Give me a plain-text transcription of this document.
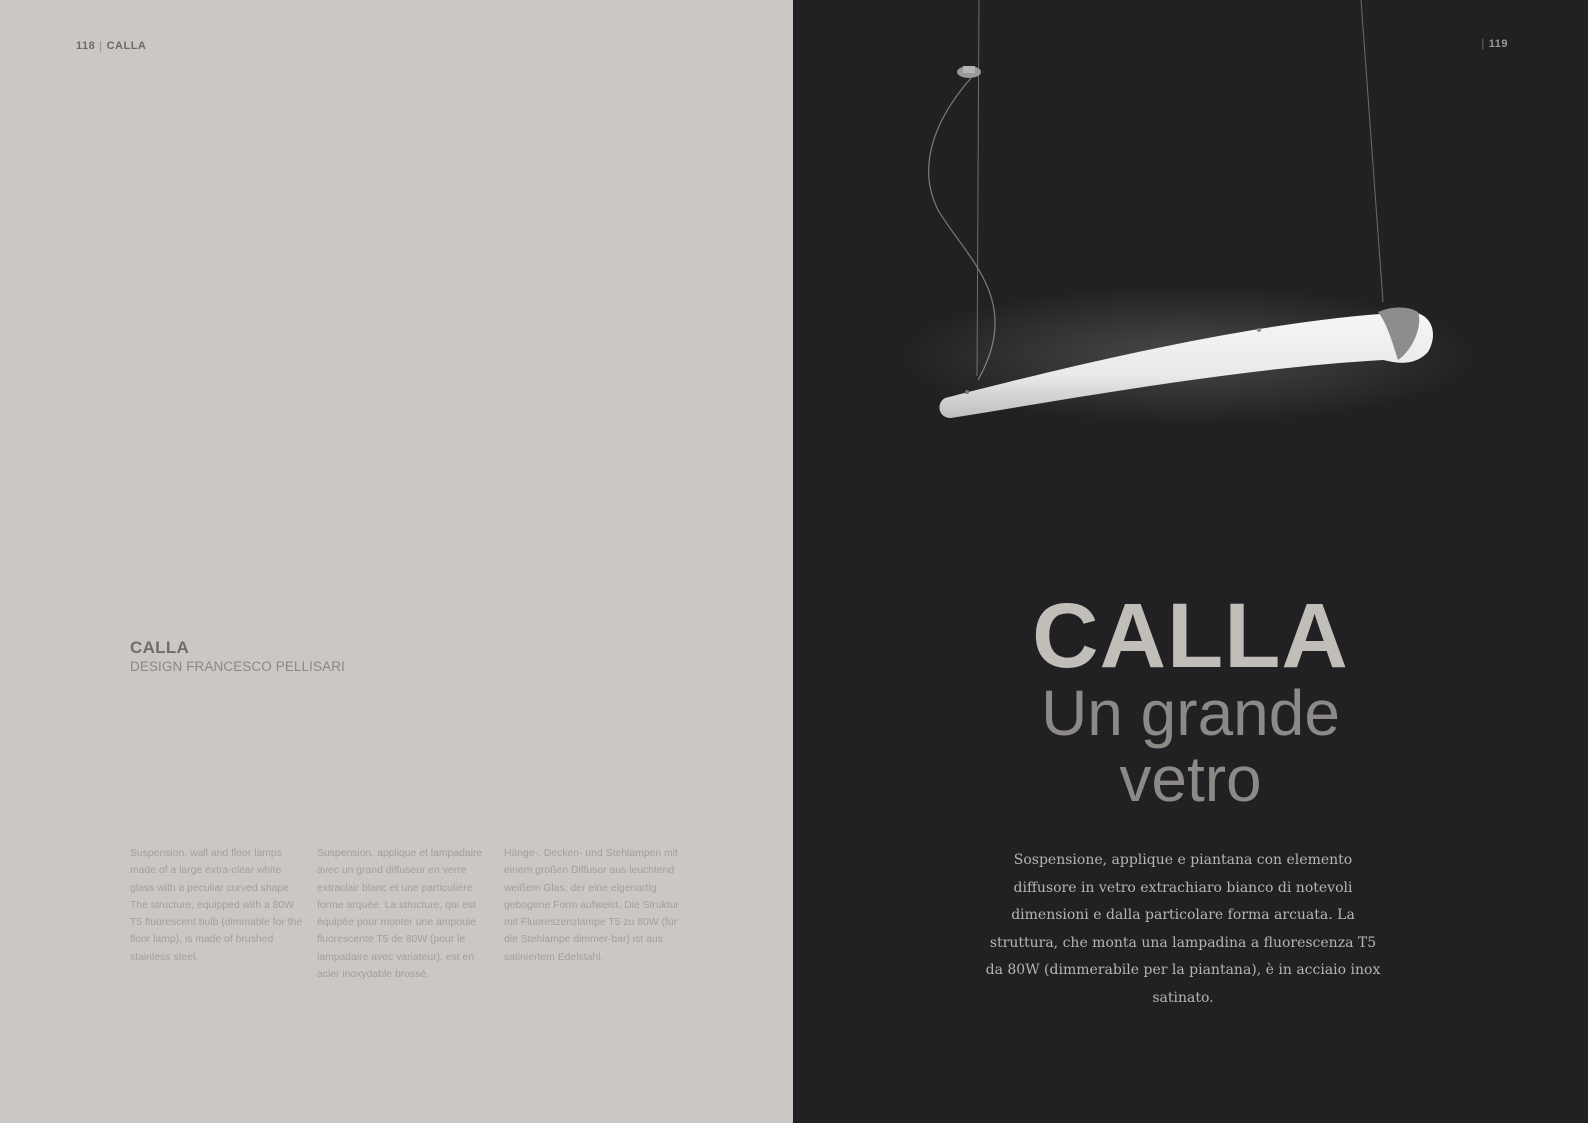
118 | CALLA
CALLA
DESIGN FRANCESCO PELLISARI
Suspension, wall and floor lamps made of a large extra-clear white glass with a peculiar curved shape. The structure, equipped with a 80W T5 fluorescent bulb (dimmable for the floor lamp), is made of brushed stainless steel.
Suspension, applique et lampadaire avec un grand diffuseur en verre extraclair blanc et une particulière forme arquée. La structure, qui est équipée pour monter une ampoule fluorescente T5 de 80W (pour le lampadaire avec variateur), est en acier inoxydable brossé.
Hänge-, Decken- und Stehlampen mit einem großen Diffusor aus leuchtend weißem Glas, der eine eigenartig gebogene Form aufweist. Die Struktur mit Fluoreszenzlampe T5 zu 80W (für die Stehlampe dimmer-bar) ist aus satiniertem Edelstahl.
| 119
CALLA
Un grande
vetro
Sospensione, applique e piantana con elemento diffusore in vetro extrachiaro bianco di notevoli dimensioni e dalla particolare forma arcuata. La struttura, che monta una lampadina a fluorescenza T5 da 80W (dimmerabile per la piantana), è in acciaio inox satinato.
